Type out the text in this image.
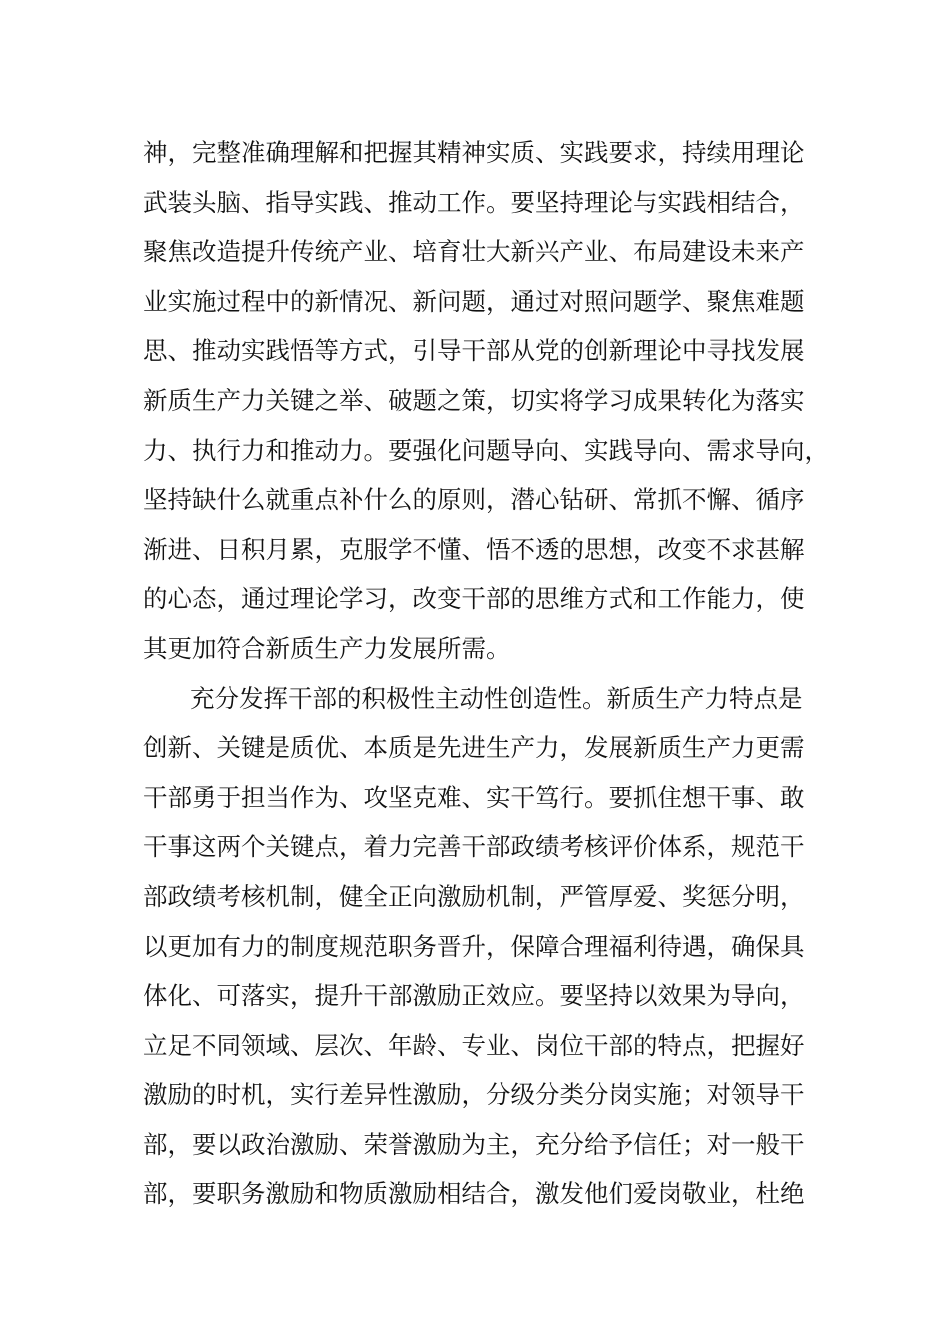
神，完整准确理解和把握其精神实质、实践要求，持续用理论
武装头脑、指导实践、推动工作。要坚持理论与实践相结合，
聚焦改造提升传统产业、培育壮大新兴产业、布局建设未来产
业实施过程中的新情况、新问题，通过对照问题学、聚焦难题
思、推动实践悟等方式，引导干部从党的创新理论中寻找发展
新质生产力关键之举、破题之策，切实将学习成果转化为落实
力、执行力和推动力。要强化问题导向、实践导向、需求导向，
坚持缺什么就重点补什么的原则，潜心钻研、常抓不懈、循序
渐进、日积月累，克服学不懂、悟不透的思想，改变不求甚解
的心态，通过理论学习，改变干部的思维方式和工作能力，使
其更加符合新质生产力发展所需。
充分发挥干部的积极性主动性创造性。新质生产力特点是
创新、关键是质优、本质是先进生产力，发展新质生产力更需
干部勇于担当作为、攻坚克难、实干笃行。要抓住想干事、敢
干事这两个关键点，着力完善干部政绩考核评价体系，规范干
部政绩考核机制，健全正向激励机制，严管厚爱、奖惩分明，
以更加有力的制度规范职务晋升，保障合理福利待遇，确保具
体化、可落实，提升干部激励正效应。要坚持以效果为导向，
立足不同领域、层次、年龄、专业、岗位干部的特点，把握好
激励的时机，实行差异性激励，分级分类分岗实施；对领导干
部，要以政治激励、荣誉激励为主，充分给予信任；对一般干
部，要职务激励和物质激励相结合，激发他们爱岗敬业，杜绝
